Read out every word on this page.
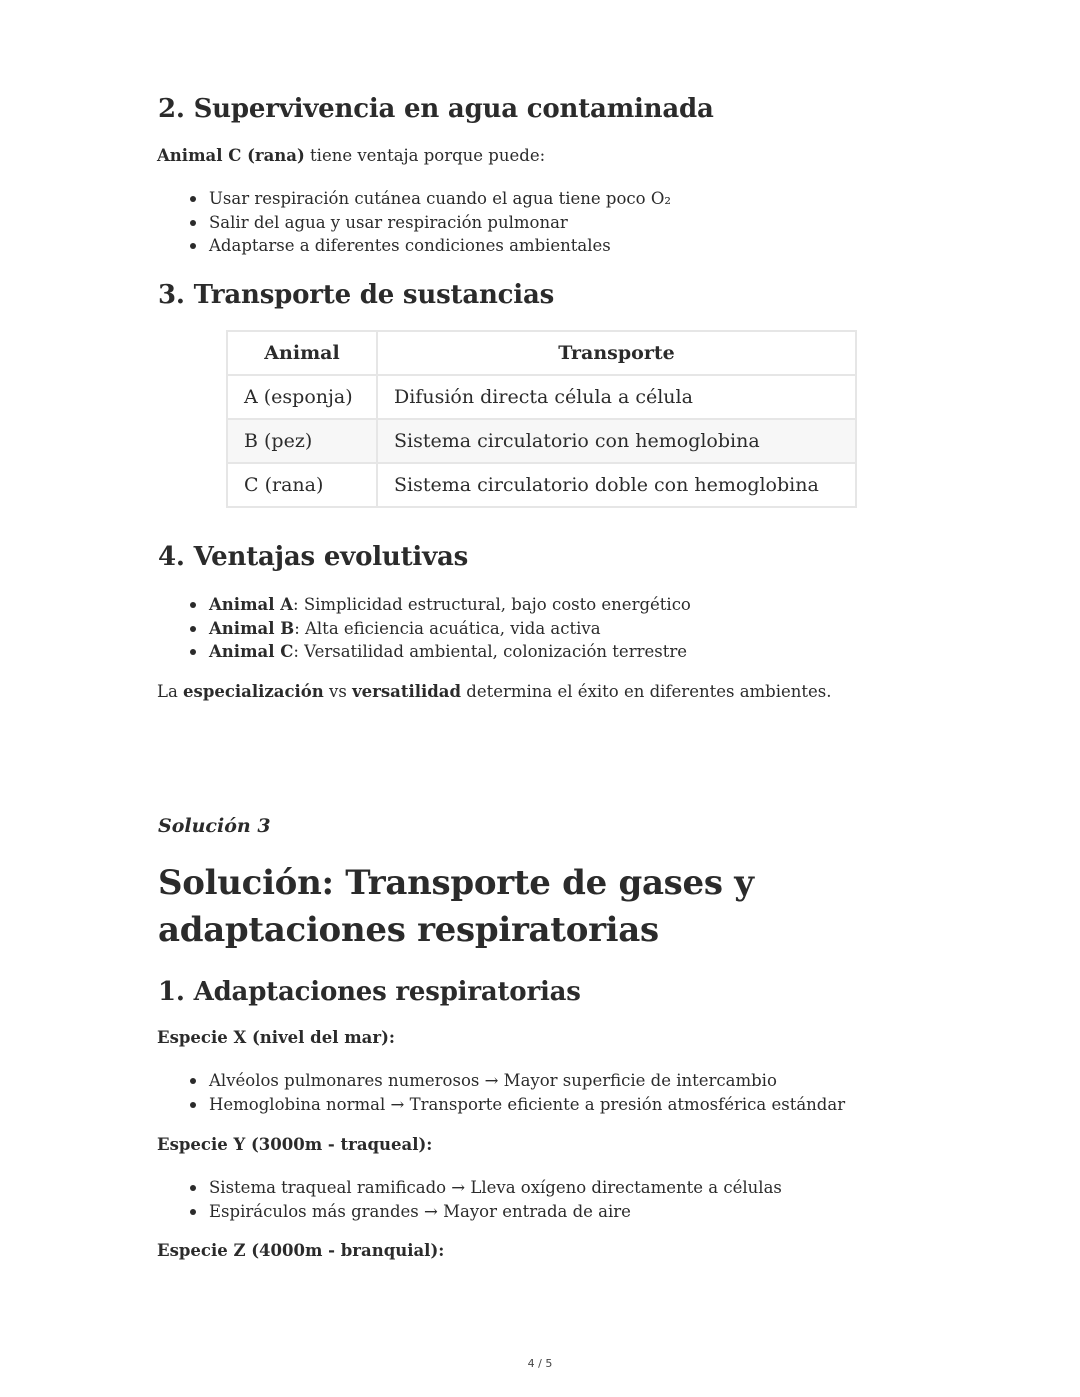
2. Supervivencia en agua contaminada

Animal C (rana) tiene ventaja porque puede:

Usar respiración cutánea cuando el agua tiene poco O₂
Salir del agua y usar respiración pulmonar
Adaptarse a diferentes condiciones ambientales
3. Transporte de sustancias
Animal	Transporte
A (esponja)	Difusión directa célula a célula
B (pez)	Sistema circulatorio con hemoglobina
C (rana)	Sistema circulatorio doble con hemoglobina
4. Ventajas evolutivas
Animal A: Simplicidad estructural, bajo costo energético
Animal B: Alta eficiencia acuática, vida activa
Animal C: Versatilidad ambiental, colonización terrestre

La especialización vs versatilidad determina el éxito en diferentes ambientes.

Solución 3
Solución: Transporte de gases y
adaptaciones respiratorias
1. Adaptaciones respiratorias

Especie X (nivel del mar):

Alvéolos pulmonares numerosos → Mayor superficie de intercambio
Hemoglobina normal → Transporte eficiente a presión atmosférica estándar

Especie Y (3000m - traqueal):

Sistema traqueal ramificado → Lleva oxígeno directamente a células
Espiráculos más grandes → Mayor entrada de aire

Especie Z (4000m - branquial):

4 / 5
